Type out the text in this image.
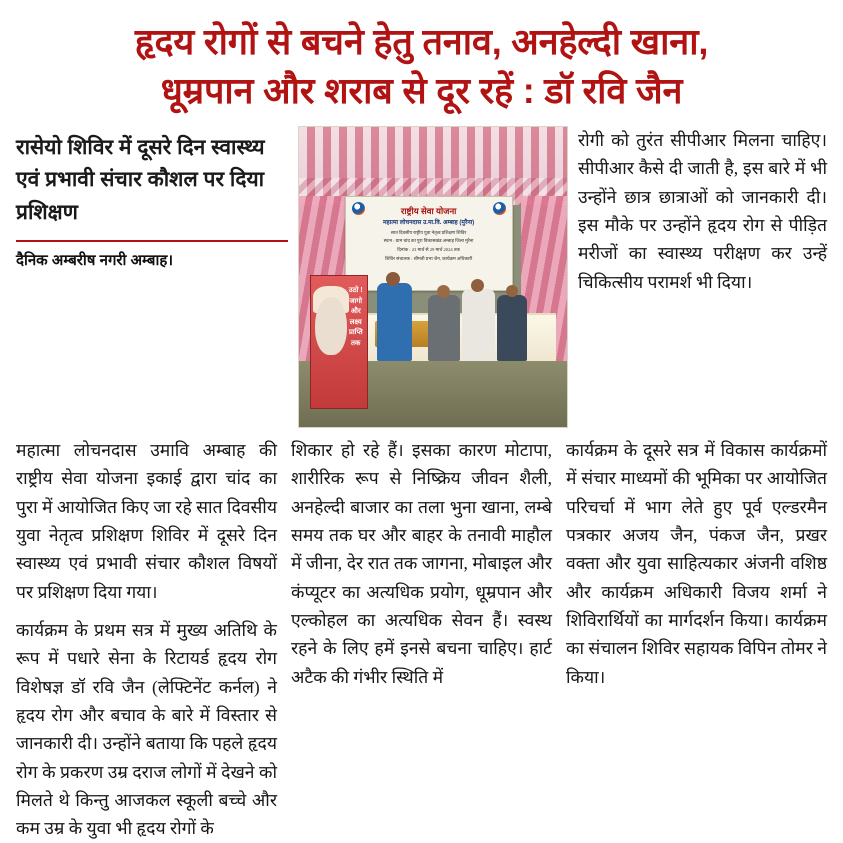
हृदय रोगों से बचने हेतु तनाव, अनहेल्दी खाना,
धूम्रपान और शराब से दूर रहें : डॉ रवि जैन
रासेयो शिविर में दूसरे दिन स्वास्थ्य एवं प्रभावी संचार कौशल पर दिया प्रशिक्षण
दैनिक अम्बरीष नगरी अम्बाह।
राष्ट्रीय सेवा योजना
महात्मा लोचनदास उ.मा.वि. अम्बाह (मुरैना)
सात दिवसीय राष्ट्रीय युवा नेतृत्व प्रशिक्षण शिविर
स्थान : ग्राम चांद का पुरा विकासखंड अम्बाह जिला मुरैना
दिनांक : 23 मार्च से 29 मार्च 2024 तक
शिविर संचालक : श्रीमती प्रभा जैन, कार्यक्रम अधिकारी
उठो ! जागो और लक्ष्य प्राप्ति तक
रोगी को तुरंत सीपीआर मिलना चाहिए। सीपीआर कैसे दी जाती है, इस बारे में भी उन्होंने छात्र छात्राओं को जानकारी दी। इस मौके पर उन्होंने हृदय रोग से पीड़ित मरीजों का स्वास्थ्य परीक्षण कर उन्हें चिकित्सीय परामर्श भी दिया।

महात्मा लोचनदास उमावि अम्बाह की राष्ट्रीय सेवा योजना इकाई द्वारा चांद का पुरा में आयोजित किए जा रहे सात दिवसीय युवा नेतृत्व प्रशिक्षण शिविर में दूसरे दिन स्वास्थ्य एवं प्रभावी संचार कौशल विषयों पर प्रशिक्षण दिया गया।

कार्यक्रम के प्रथम सत्र में मुख्य अतिथि के रूप में पधारे सेना के रिटायर्ड हृदय रोग विशेषज्ञ डॉ रवि जैन (लेफ्टिनेंट कर्नल) ने हृदय रोग और बचाव के बारे में विस्तार से जानकारी दी। उन्होंने बताया कि पहले हृदय रोग के प्रकरण उम्र दराज लोगों में देखने को मिलते थे किन्तु आजकल स्कूली बच्चे और कम उम्र के युवा भी हृदय रोगों के

शिकार हो रहे हैं। इसका कारण मोटापा, शारीरिक रूप से निष्क्रिय जीवन शैली, अनहेल्दी बाजार का तला भुना खाना, लम्बे समय तक घर और बाहर के तनावी माहौल में जीना, देर रात तक जागना, मोबाइल और कंप्यूटर का अत्यधिक प्रयोग, धूम्रपान और एल्कोहल का अत्यधिक सेवन हैं। स्वस्थ रहने के लिए हमें इनसे बचना चाहिए। हार्ट अटैक की गंभीर स्थिति में

कार्यक्रम के दूसरे सत्र में विकास कार्यक्रमों में संचार माध्यमों की भूमिका पर आयोजित परिचर्चा में भाग लेते हुए पूर्व एल्डरमैन पत्रकार अजय जैन, पंकज जैन, प्रखर वक्ता और युवा साहित्यकार अंजनी वशिष्ठ और कार्यक्रम अधिकारी विजय शर्मा ने शिविरार्थियों का मार्गदर्शन किया। कार्यक्रम का संचालन शिविर सहायक विपिन तोमर ने किया।
